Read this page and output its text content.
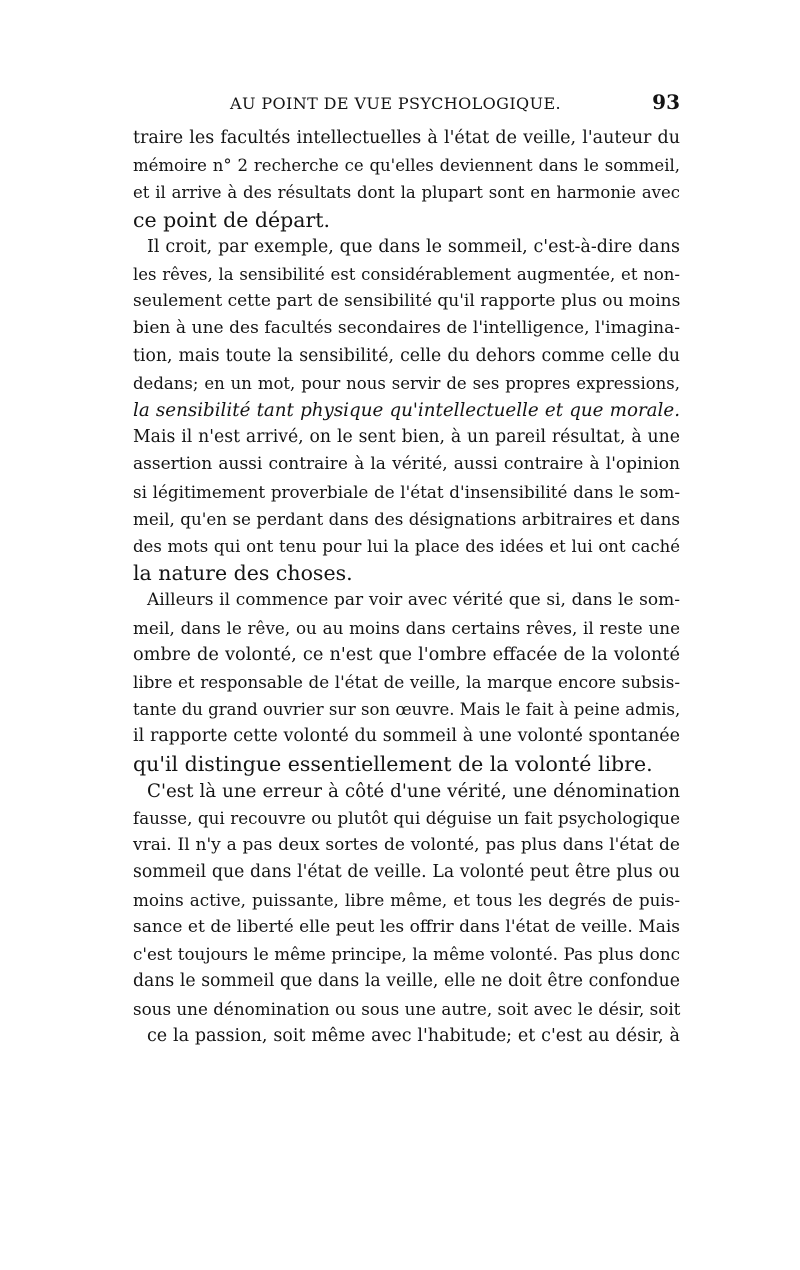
AU POINT DE VUE PSYCHOLOGIQUE.	93

traire les facultés intellectuelles à l'état de veille, l'auteur du
mémoire n° 2 recherche ce qu'elles deviennent dans le sommeil,
et il arrive à des résultats dont la plupart sont en harmonie avec
ce point de départ.

Il croit, par exemple, que dans le sommeil, c'est-à-dire dans
les rêves, la sensibilité est considérablement augmentée, et non-
seulement cette part de sensibilité qu'il rapporte plus ou moins
bien à une des facultés secondaires de l'intelligence, l'imagina-
tion, mais toute la sensibilité, celle du dehors comme celle du
dedans; en un mot, pour nous servir de ses propres expressions,
la sensibilité tant physique qu'intellectuelle et que morale.
Mais il n'est arrivé, on le sent bien, à un pareil résultat, à une
assertion aussi contraire à la vérité, aussi contraire à l'opinion
si légitimement proverbiale de l'état d'insensibilité dans le som-
meil, qu'en se perdant dans des désignations arbitraires et dans
des mots qui ont tenu pour lui la place des idées et lui ont caché
la nature des choses.

Ailleurs il commence par voir avec vérité que si, dans le som-
meil, dans le rêve, ou au moins dans certains rêves, il reste une
ombre de volonté, ce n'est que l'ombre effacée de la volonté
libre et responsable de l'état de veille, la marque encore subsis-
tante du grand ouvrier sur son œuvre. Mais le fait à peine admis,
il rapporte cette volonté du sommeil à une volonté spontanée
qu'il distingue essentiellement de la volonté libre.

C'est là une erreur à côté d'une vérité, une dénomination
fausse, qui recouvre ou plutôt qui déguise un fait psychologique
vrai. Il n'y a pas deux sortes de volonté, pas plus dans l'état de
sommeil que dans l'état de veille. La volonté peut être plus ou
moins active, puissante, libre même, et tous les degrés de puis-
sance et de liberté elle peut les offrir dans l'état de veille. Mais
c'est toujours le même principe, la même volonté. Pas plus donc
dans le sommeil que dans la veille, elle ne doit être confondue
sous une dénomination ou sous une autre, soit avec le désir, soit
ce la passion, soit même avec l'habitude; et c'est au désir, à
